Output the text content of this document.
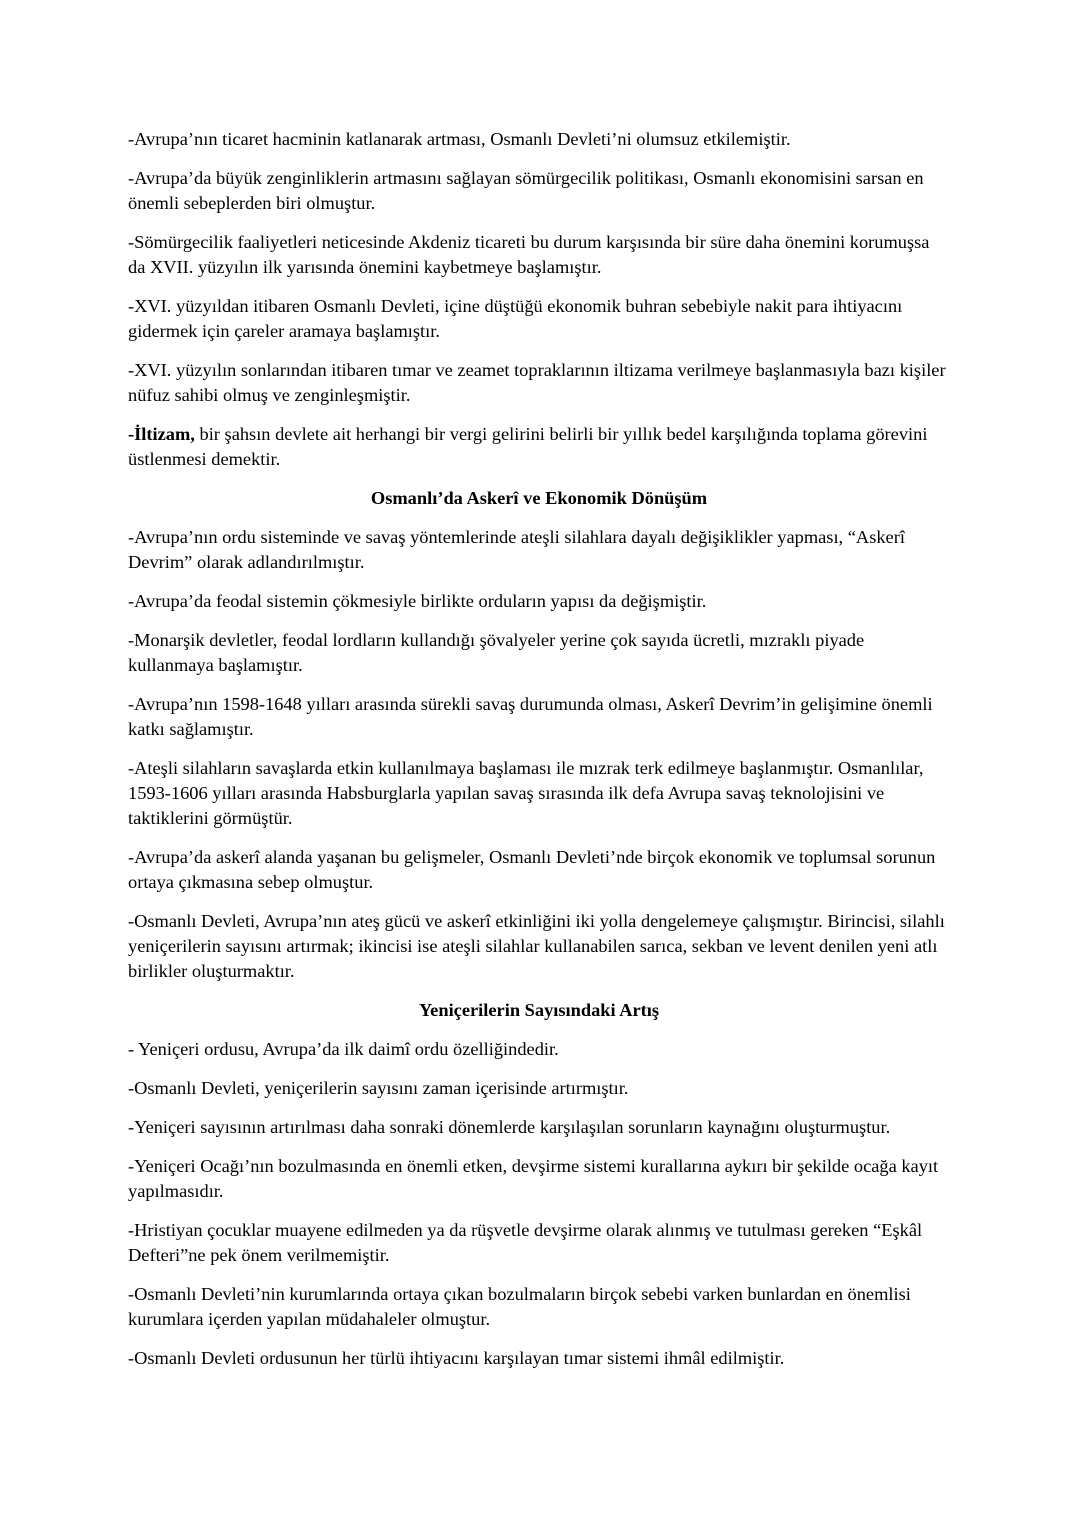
-Avrupa’nın ticaret hacminin katlanarak artması, Osmanlı Devleti’ni olumsuz etkilemiştir.

-Avrupa’da büyük zenginliklerin artmasını sağlayan sömürgecilik politikası, Osmanlı ekonomisini sarsan en önemli sebeplerden biri olmuştur.

-Sömürgecilik faaliyetleri neticesinde Akdeniz ticareti bu durum karşısında bir süre daha önemini korumuşsa da XVII. yüzyılın ilk yarısında önemini kaybetmeye başlamıştır.

-XVI. yüzyıldan itibaren Osmanlı Devleti, içine düştüğü ekonomik buhran sebebiyle nakit para ihtiyacını gidermek için çareler aramaya başlamıştır.

-XVI. yüzyılın sonlarından itibaren tımar ve zeamet topraklarının iltizama verilmeye başlanmasıyla bazı kişiler nüfuz sahibi olmuş ve zenginleşmiştir.

-İltizam, bir şahsın devlete ait herhangi bir vergi gelirini belirli bir yıllık bedel karşılığında toplama görevini üstlenmesi demektir.

Osmanlı’da Askerî ve Ekonomik Dönüşüm

-Avrupa’nın ordu sisteminde ve savaş yöntemlerinde ateşli silahlara dayalı değişiklikler yapması, “Askerî Devrim” olarak adlandırılmıştır.

-Avrupa’da feodal sistemin çökmesiyle birlikte orduların yapısı da değişmiştir.

-Monarşik devletler, feodal lordların kullandığı şövalyeler yerine çok sayıda ücretli, mızraklı piyade kullanmaya başlamıştır.

-Avrupa’nın 1598-1648 yılları arasında sürekli savaş durumunda olması, Askerî Devrim’in gelişimine önemli katkı sağlamıştır.

-Ateşli silahların savaşlarda etkin kullanılmaya başlaması ile mızrak terk edilmeye başlanmıştır. Osmanlılar, 1593-1606 yılları arasında Habsburglarla yapılan savaş sırasında ilk defa Avrupa savaş teknolojisini ve taktiklerini görmüştür.

-Avrupa’da askerî alanda yaşanan bu gelişmeler, Osmanlı Devleti’nde birçok ekonomik ve toplumsal sorunun ortaya çıkmasına sebep olmuştur.

-Osmanlı Devleti, Avrupa’nın ateş gücü ve askerî etkinliğini iki yolla dengelemeye çalışmıştır. Birincisi, silahlı yeniçerilerin sayısını artırmak; ikincisi ise ateşli silahlar kullanabilen sarıca, sekban ve levent denilen yeni atlı birlikler oluşturmaktır.

Yeniçerilerin Sayısındaki Artış

- Yeniçeri ordusu, Avrupa’da ilk daimî ordu özelliğindedir.

-Osmanlı Devleti, yeniçerilerin sayısını zaman içerisinde artırmıştır.

-Yeniçeri sayısının artırılması daha sonraki dönemlerde karşılaşılan sorunların kaynağını oluşturmuştur.

-Yeniçeri Ocağı’nın bozulmasında en önemli etken, devşirme sistemi kurallarına aykırı bir şekilde ocağa kayıt yapılmasıdır.

-Hristiyan çocuklar muayene edilmeden ya da rüşvetle devşirme olarak alınmış ve tutulması gereken “Eşkâl Defteri”ne pek önem verilmemiştir.

-Osmanlı Devleti’nin kurumlarında ortaya çıkan bozulmaların birçok sebebi varken bunlardan en önemlisi kurumlara içerden yapılan müdahaleler olmuştur.

-Osmanlı Devleti ordusunun her türlü ihtiyacını karşılayan tımar sistemi ihmâl edilmiştir.
